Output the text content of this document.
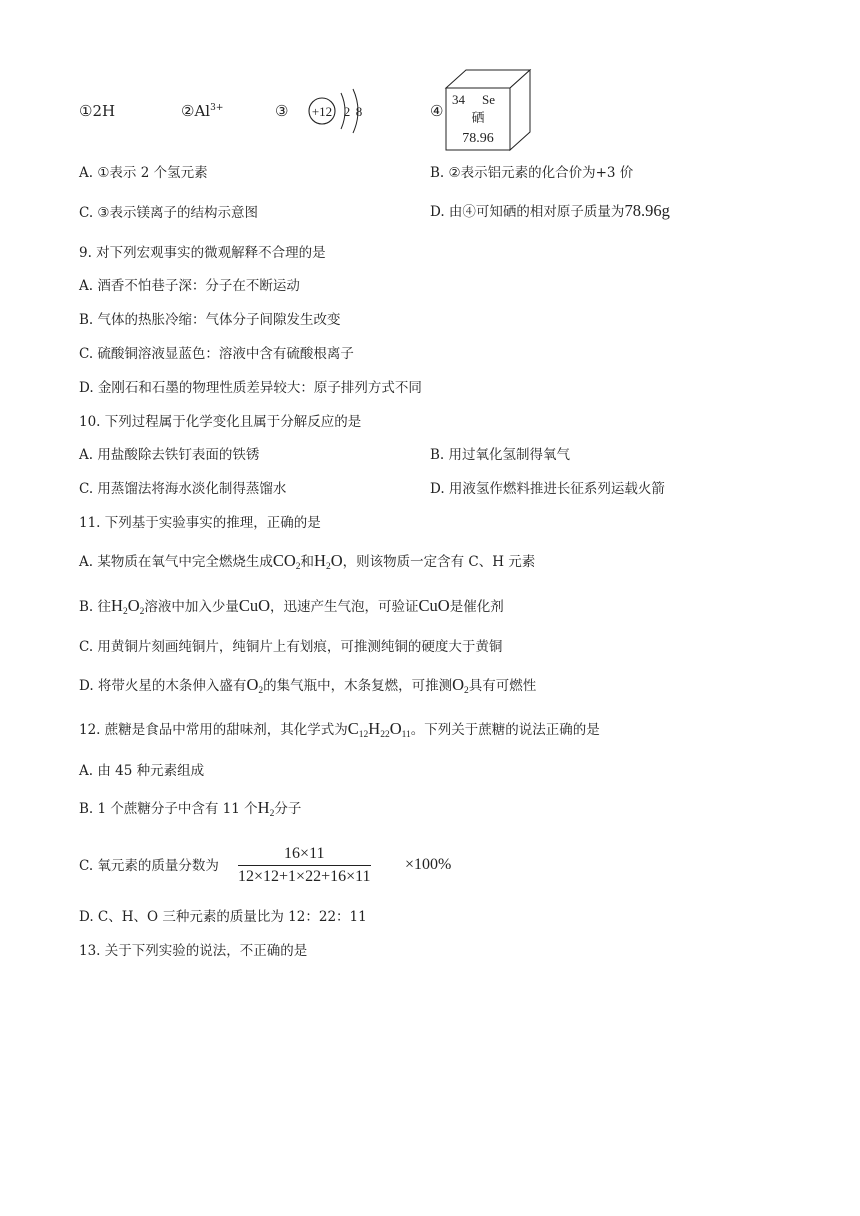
①2H	$②Al^{3+}$	③ +12 2 8	④
34 Se
硒
78.96
A. ①表示 2 个氢元素	B. ②表示铝元素的化合价为+3 价
C. ③表示镁离子的结构示意图	D. 由④可知硒的相对原子质量为78.96g
9. 对下列宏观事实的微观解释不合理的是
A. 酒香不怕巷子深：分子在不断运动
B. 气体的热胀冷缩：气体分子间隙发生改变
C. 硫酸铜溶液显蓝色：溶液中含有硫酸根离子
D. 金刚石和石墨的物理性质差异较大：原子排列方式不同
10. 下列过程属于化学变化且属于分解反应的是
A. 用盐酸除去铁钉表面的铁锈	B. 用过氧化氢制得氧气
C. 用蒸馏法将海水淡化制得蒸馏水	D. 用液氢作燃料推进长征系列运载火箭
11. 下列基于实验事实的推理，正确的是
A. 某物质在氧气中完全燃烧生成$CO_2$和$H_2O$，则该物质一定含有 C、H 元素
B. 往$H_2O_2$溶液中加入少量CuO，迅速产生气泡，可验证CuO是催化剂
C. 用黄铜片刻画纯铜片，纯铜片上有划痕，可推测纯铜的硬度大于黄铜
D. 将带火星的木条伸入盛有$O_2$的集气瓶中，木条复燃，可推测$O_2$具有可燃性
12. 蔗糖是食品中常用的甜味剂，其化学式为$C_{12}H_{22}O_{11}$。下列关于蔗糖的说法正确的是
A. 由 45 种元素组成
B. 1 个蔗糖分子中含有 11 个$H_2$分子
C. 氧元素的质量分数为 $\frac{16\times 11}{12\times 12+1\times 22+16\times 11} \times 100\%$
D. C、H、O 三种元素的质量比为 12：22：11
13. 关于下列实验的说法，不正确的是
